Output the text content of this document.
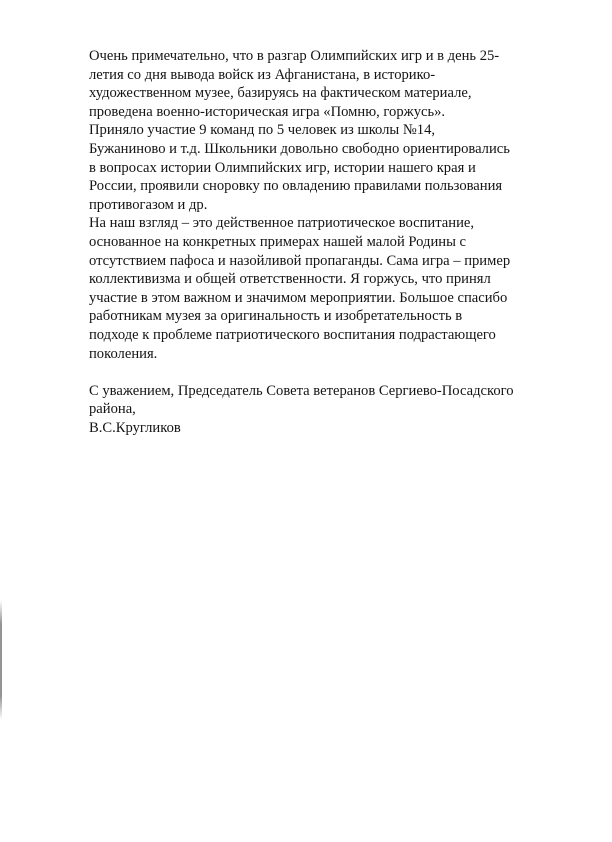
Очень примечательно, что в разгар Олимпийских игр и в день 25-
летия со дня вывода войск из Афганистана, в историко-
художественном музее, базируясь на фактическом материале,
проведена военно-историческая игра «Помню, горжусь».
Приняло участие 9 команд по 5 человек из школы №14,
Бужаниново и т.д. Школьники довольно свободно ориентировались
в вопросах истории Олимпийских игр, истории нашего края и
России, проявили сноровку по овладению правилами пользования
противогазом и др.
На наш взгляд – это действенное патриотическое воспитание,
основанное на конкретных примерах нашей малой Родины с
отсутствием пафоса и назойливой пропаганды. Сама игра – пример
коллективизма и общей ответственности. Я горжусь, что принял
участие в этом важном и значимом мероприятии. Большое спасибо
работникам музея за оригинальность и изобретательность в
подходе к проблеме патриотического воспитания подрастающего
поколения.
С уважением, Председатель Совета ветеранов Сергиево-Посадского
района,
В.С.Кругликов
